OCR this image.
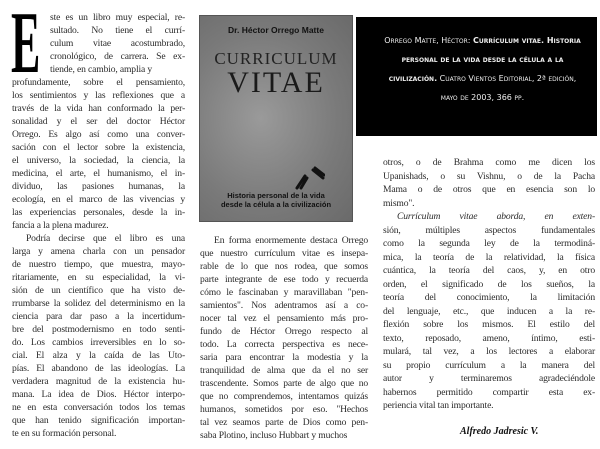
E ste es un libro muy especial, re-
sultado. No tiene el currí-
culum vitae acostumbrado,
cronológico, de carrera. Se ex-
tiende, en cambio, amplia y
profundamente, sobre el pensamiento,
los sentimientos y las reflexiones que a
través de la vida han conformado la per-
sonalidad y el ser del doctor Héctor
Orrego. Es algo así como una conver-
sación con el lector sobre la existencia,
el universo, la sociedad, la ciencia, la
medicina, el arte, el humanismo, el in-
dividuo, las pasiones humanas, la
ecología, en el marco de las vivencias y
las experiencias personales, desde la in-
fancia a la plena madurez.
Podría decirse que el libro es una
larga y amena charla con un pensador
de nuestro tiempo, que muestra, mayo-
ritariamente, en su especialidad, la vi-
sión de un científico que ha visto de-
rrumbarse la solidez del determinismo en la
ciencia para dar paso a la incertidum-
bre del postmodernismo en todo senti-
do. Los cambios irreversibles en lo so-
cial. El alza y la caída de las Uto-
pías. El abandono de las ideologías. La
verdadera magnitud de la existencia hu-
mana. La idea de Dios. Héctor interpo-
ne en esta conversación todos los temas
que han tenido significación importan-
te en su formación personal.
Dr. Héctor Orrego Matte
CURRICULUM
VITAE
Historia personal de la vida
desde la célula a la civilización
Orrego Matte, Héctor: Currículum vitae. Historia personal de la vida desde la célula a la civilización. Cuatro Vientos Editorial, 2ª edición, mayo de 2003, 366 pp.
En forma enormemente destaca Orrego
que nuestro currículum vitae es insepa-
rable de lo que nos rodea, que somos
parte integrante de ese todo y recuerda
cómo le fascinaban y maravillaban "pen-
samientos". Nos adentramos así a co-
nocer tal vez el pensamiento más pro-
fundo de Héctor Orrego respecto al
todo. La correcta perspectiva es nece-
saria para encontrar la modestia y la
tranquilidad de alma que da el no ser
trascendente. Somos parte de algo que no
que no comprendemos, intentamos quizás
humanos, sometidos por eso. "Hechos
tal vez seamos parte de Dios como pen-
saba Plotino, incluso Hubbart y muchos
otros, o de Brahma como me dicen los
Upanishads, o su Vishnu, o de la Pacha
Mama o de otros que en esencia son lo
mismo".
Currículum vitae aborda, en exten-
sión, múltiples aspectos fundamentales
como la segunda ley de la termodiná-
mica, la teoría de la relatividad, la física
cuántica, la teoría del caos, y, en otro
orden, el significado de los sueños, la
teoría del conocimiento, la limitación
del lenguaje, etc., que inducen a la re-
flexión sobre los mismos. El estilo del
texto, reposado, ameno, íntimo, esti-
mulará, tal vez, a los lectores a elaborar
su propio currículum a la manera del
autor y terminaremos agradeciéndole
habernos permitido compartir esta ex-
periencia vital tan importante.
Alfredo Jadresic V.
